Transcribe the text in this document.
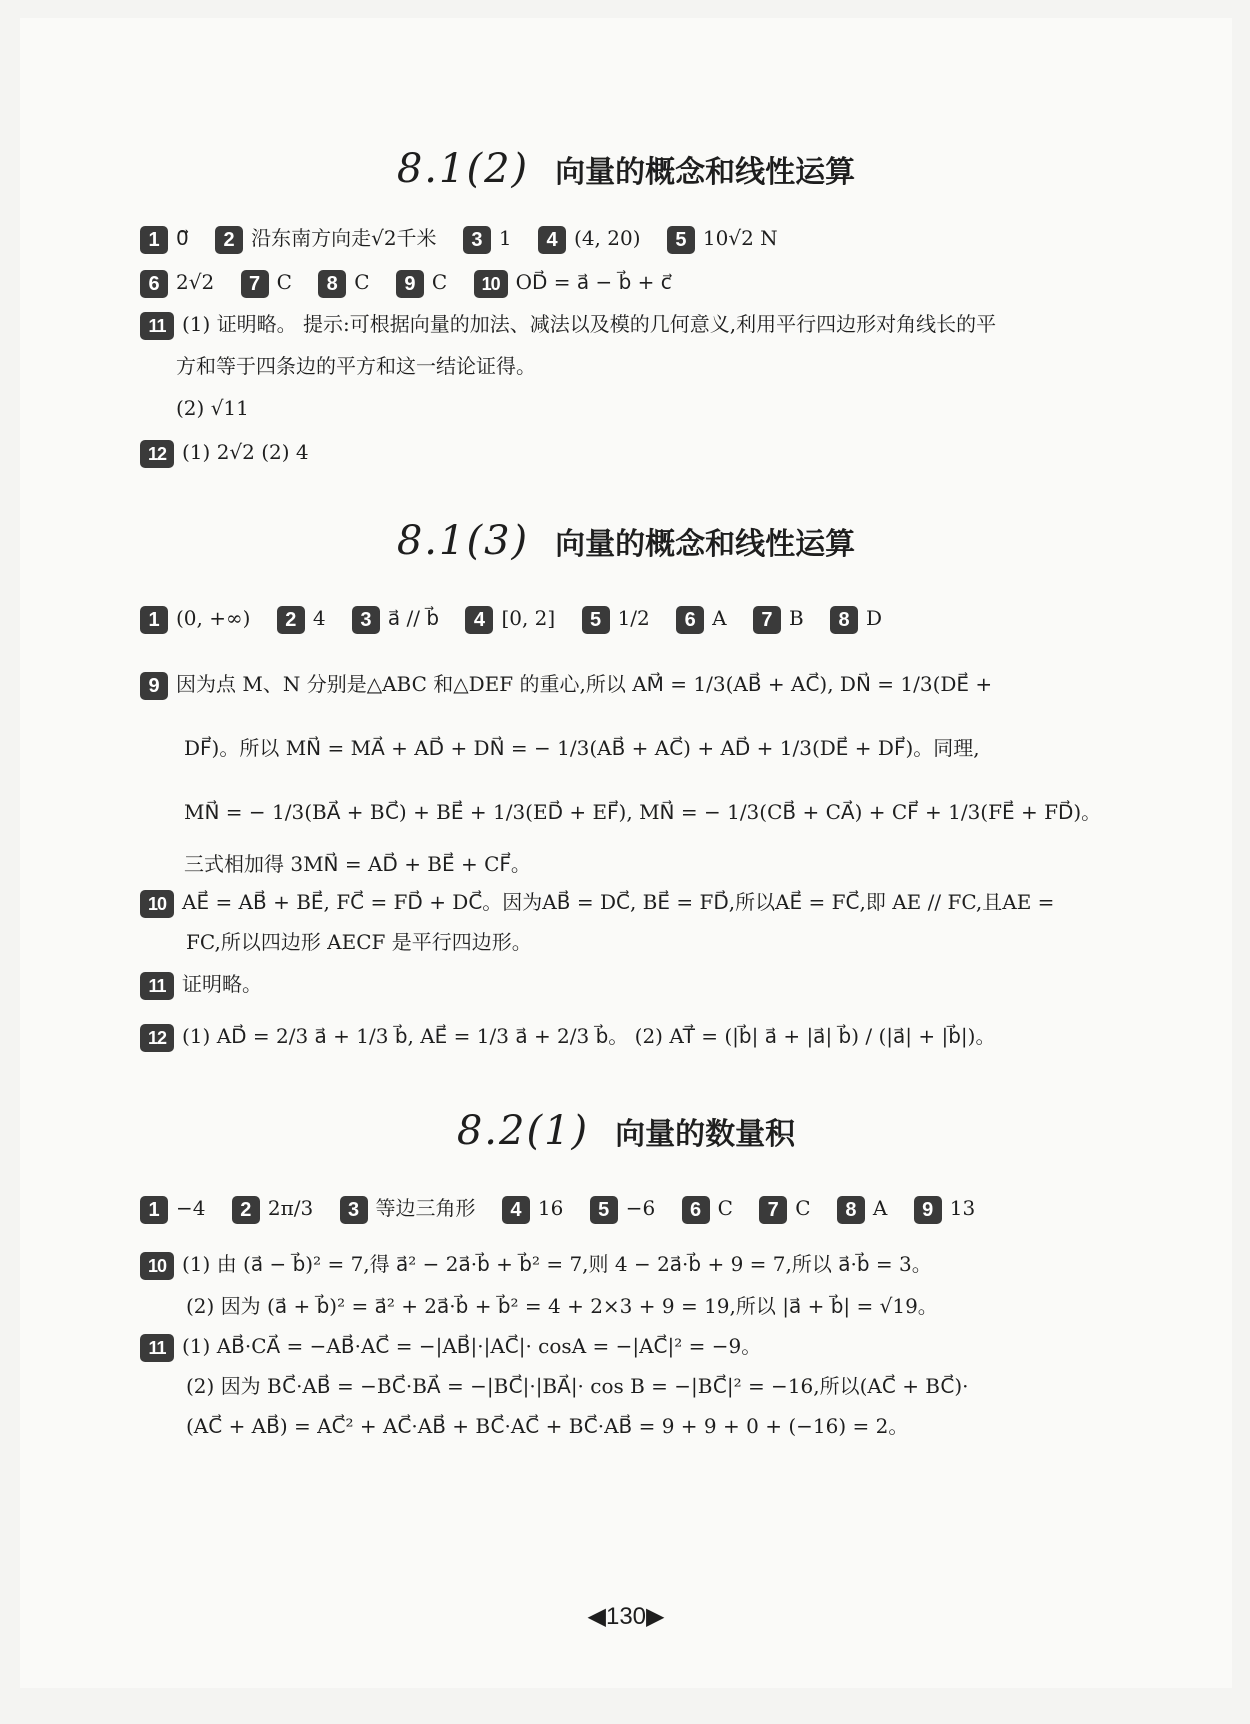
8.1(2) 向量的概念和线性运算
1 0⃗ 2 沿东南方向走√2千米 3 1 4 (4, 20) 5 10√2 N
6 2√2 7 C 8 C 9 C 10 OD⃗ = a⃗ − b⃗ + c⃗
11 (1) 证明略。 提示:可根据向量的加法、减法以及模的几何意义,利用平行四边形对角线长的平
方和等于四条边的平方和这一结论证得。
(2) √11
12 (1) 2√2 (2) 4
8.1(3) 向量的概念和线性运算
1 (0, +∞) 2 4 3 a⃗ // b⃗ 4 [0, 2] 5 1/2 6 A 7 B 8 D
9 因为点 M、N 分别是△ABC 和△DEF 的重心,所以 AM⃗ = 1/3(AB⃗ + AC⃗), DN⃗ = 1/3(DE⃗ +
DF⃗)。所以 MN⃗ = MA⃗ + AD⃗ + DN⃗ = − 1/3(AB⃗ + AC⃗) + AD⃗ + 1/3(DE⃗ + DF⃗)。同理,
MN⃗ = − 1/3(BA⃗ + BC⃗) + BE⃗ + 1/3(ED⃗ + EF⃗), MN⃗ = − 1/3(CB⃗ + CA⃗) + CF⃗ + 1/3(FE⃗ + FD⃗)。
三式相加得 3MN⃗ = AD⃗ + BE⃗ + CF⃗。
10 AE⃗ = AB⃗ + BE⃗, FC⃗ = FD⃗ + DC⃗。因为AB⃗ = DC⃗, BE⃗ = FD⃗,所以AE⃗ = FC⃗,即 AE // FC,且AE =
FC,所以四边形 AECF 是平行四边形。
11 证明略。
12 (1) AD⃗ = 2/3 a⃗ + 1/3 b⃗, AE⃗ = 1/3 a⃗ + 2/3 b⃗。 (2) AT⃗ = (|b⃗| a⃗ + |a⃗| b⃗) / (|a⃗| + |b⃗|)。
8.2(1) 向量的数量积
1 −4 2 2π/3 3 等边三角形 4 16 5 −6 6 C 7 C 8 A 9 13
10 (1) 由 (a⃗ − b⃗)² = 7,得 a⃗² − 2a⃗·b⃗ + b⃗² = 7,则 4 − 2a⃗·b⃗ + 9 = 7,所以 a⃗·b⃗ = 3。
(2) 因为 (a⃗ + b⃗)² = a⃗² + 2a⃗·b⃗ + b⃗² = 4 + 2×3 + 9 = 19,所以 |a⃗ + b⃗| = √19。
11 (1) AB⃗·CA⃗ = −AB⃗·AC⃗ = −|AB⃗|·|AC⃗|· cosA = −|AC⃗|² = −9。
(2) 因为 BC⃗·AB⃗ = −BC⃗·BA⃗ = −|BC⃗|·|BA⃗|· cos B = −|BC⃗|² = −16,所以(AC⃗ + BC⃗)·
(AC⃗ + AB⃗) = AC⃗² + AC⃗·AB⃗ + BC⃗·AC⃗ + BC⃗·AB⃗ = 9 + 9 + 0 + (−16) = 2。
◀130▶
